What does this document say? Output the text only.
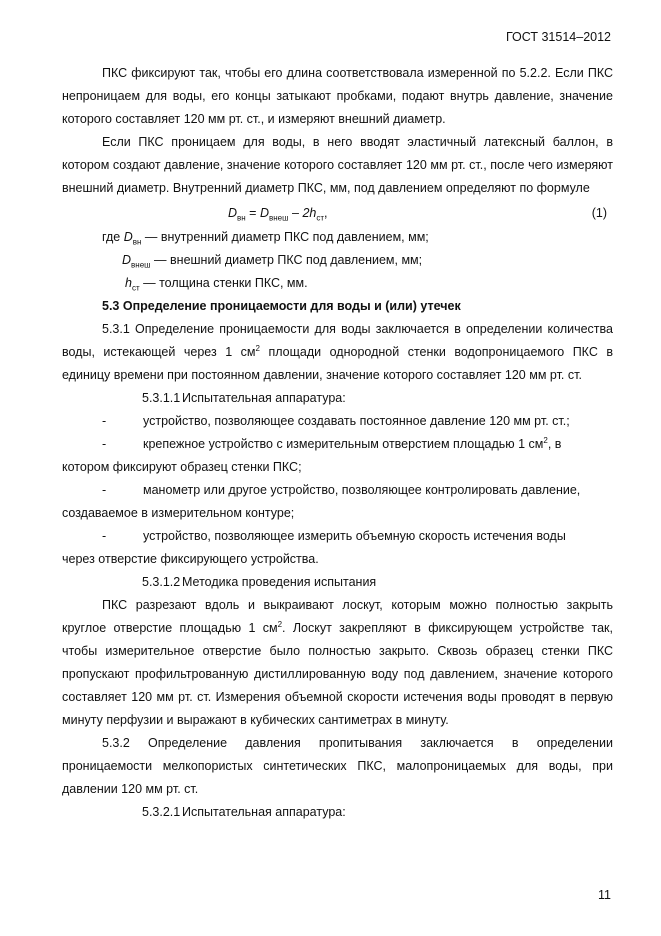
ГОСТ 31514–2012

ПКС фиксируют так, чтобы его длина соответствовала измеренной по 5.2.2. Если ПКС непроницаем для воды, его концы затыкают пробками, подают внутрь давление, значение которого составляет 120 мм рт. ст., и измеряют внешний диаметр.

Если ПКС проницаем для воды, в него вводят эластичный латексный баллон, в котором создают давление, значение которого составляет 120 мм рт. ст., после чего измеряют внешний диаметр. Внутренний диаметр ПКС, мм, под давлением определяют по формуле

$D_{вн} = D_{внеш} - 2h_{ст}$,	(1)
где $D_{вн}$ — внутренний диаметр ПКС под давлением, мм;
$D_{внеш}$ — внешний диаметр ПКС под давлением, мм;
$h_{ст}$ — толщина стенки ПКС, мм.

5.3 Определение проницаемости для воды и (или) утечек

5.3.1 Определение проницаемости для воды заключается в определении количества воды, истекающей через 1 $см^2$ площади однородной стенки водопроницаемого ПКС в единицу времени при постоянном давлении, значение которого составляет 120 мм рт. ст.

5.3.1.1 Испытательная аппаратура:

-	устройство, позволяющее создавать постоянное давление 120 мм рт. ст.;
-	крепежное устройство с измерительным отверстием площадью 1 $см^2$, в

котором фиксируют образец стенки ПКС;

-	манометр или другое устройство, позволяющее контролировать давление,

создаваемое в измерительном контуре;

-	устройство, позволяющее измерить объемную скорость истечения воды

через отверстие фиксирующего устройства.

5.3.1.2 Методика проведения испытания

ПКС разрезают вдоль и выкраивают лоскут, которым можно полностью закрыть круглое отверстие площадью 1 $см^2$. Лоскут закрепляют в фиксирующем устройстве так, чтобы измерительное отверстие было полностью закрыто. Сквозь образец стенки ПКС пропускают профильтрованную дистиллированную воду под давлением, значение которого составляет 120 мм рт. ст. Измерения объемной скорости истечения воды проводят в первую минуту перфузии и выражают в кубических сантиметрах в минуту.

5.3.2 Определение давления пропитывания заключается в определении проницаемости мелкопористых синтетических ПКС, малопроницаемых для воды, при давлении 120 мм рт. ст.

5.3.2.1 Испытательная аппаратура:

11
